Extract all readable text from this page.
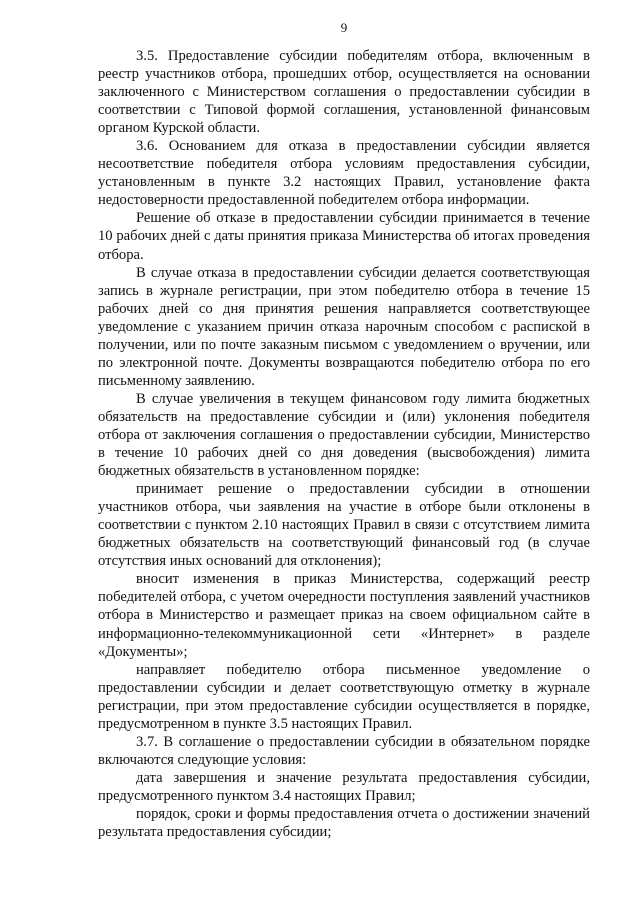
9

3.5. Предоставление субсидии победителям отбора, включенным в реестр участников отбора, прошедших отбор, осуществляется на основании заключенного с Министерством соглашения о предоставлении субсидии в соответствии с Типовой формой соглашения, установленной финансовым органом Курской области.

3.6. Основанием для отказа в предоставлении субсидии является несоответствие победителя отбора условиям предоставления субсидии, установленным в пункте 3.2 настоящих Правил, установление факта недостоверности предоставленной победителем отбора информации.

Решение об отказе в предоставлении субсидии принимается в течение 10 рабочих дней с даты принятия приказа Министерства об итогах проведения отбора.

В случае отказа в предоставлении субсидии делается соответствующая запись в журнале регистрации, при этом победителю отбора в течение 15 рабочих дней со дня принятия решения направляется соответствующее уведомление с указанием причин отказа нарочным способом с распиской в получении, или по почте заказным письмом с уведомлением о вручении, или по электронной почте. Документы возвращаются победителю отбора по его письменному заявлению.

В случае увеличения в текущем финансовом году лимита бюджетных обязательств на предоставление субсидии и (или) уклонения победителя отбора от заключения соглашения о предоставлении субсидии, Министерство в течение 10 рабочих дней со дня доведения (высвобождения) лимита бюджетных обязательств в установленном порядке:

принимает решение о предоставлении субсидии в отношении участников отбора, чьи заявления на участие в отборе были отклонены в соответствии с пунктом 2.10 настоящих Правил в связи с отсутствием лимита бюджетных обязательств на соответствующий финансовый год (в случае отсутствия иных оснований для отклонения);

вносит изменения в приказ Министерства, содержащий реестр победителей отбора, с учетом очередности поступления заявлений участников отбора в Министерство и размещает приказ на своем официальном сайте в информационно-телекоммуникационной сети «Интернет» в разделе «Документы»;

направляет победителю отбора письменное уведомление о предоставлении субсидии и делает соответствующую отметку в журнале регистрации, при этом предоставление субсидии осуществляется в порядке, предусмотренном в пункте 3.5 настоящих Правил.

3.7. В соглашение о предоставлении субсидии в обязательном порядке включаются следующие условия:

дата завершения и значение результата предоставления субсидии, предусмотренного пунктом 3.4 настоящих Правил;

порядок, сроки и формы предоставления отчета о достижении значений результата предоставления субсидии;
